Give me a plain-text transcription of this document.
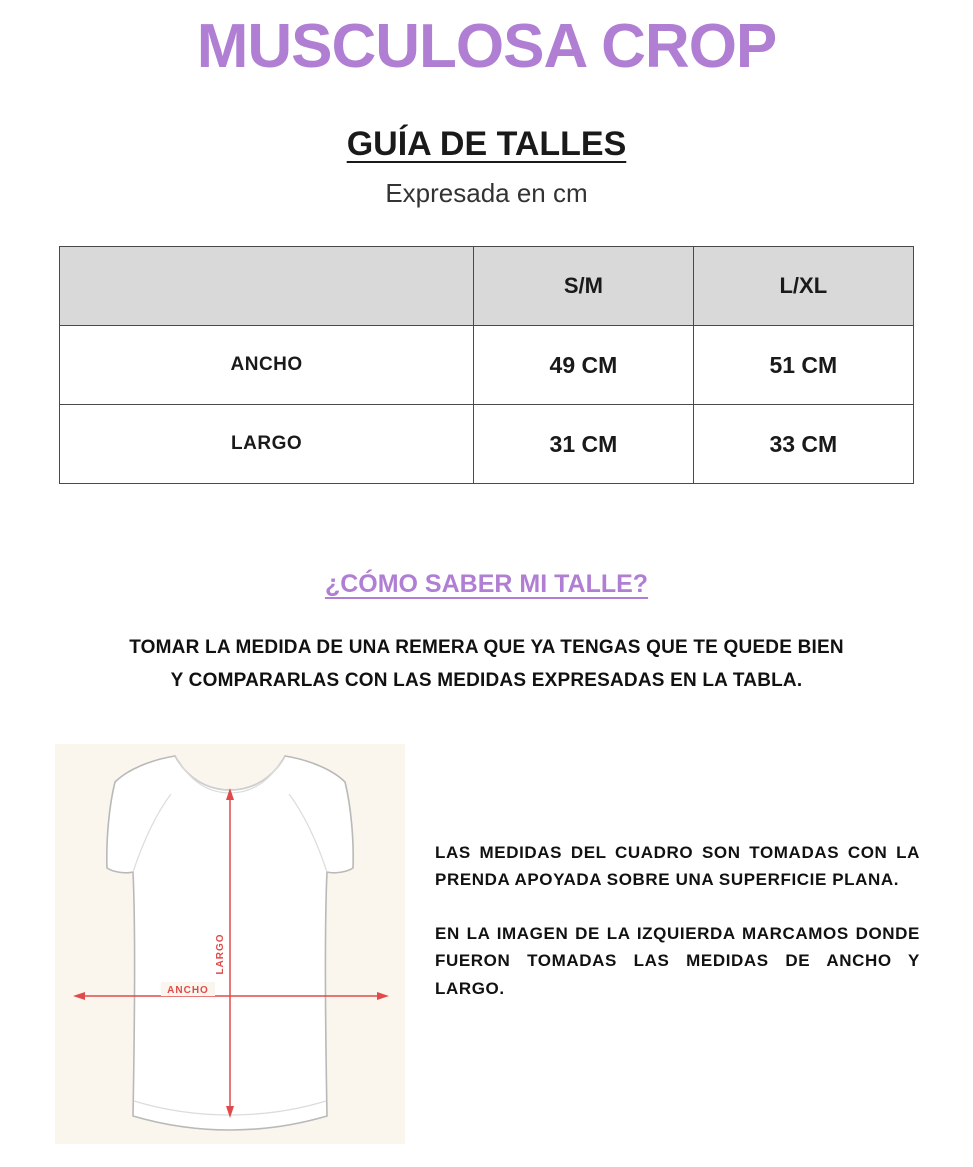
MUSCULOSA CROP
GUÍA DE TALLES
Expresada en cm
	S/M	L/XL
ANCHO	49 CM	51 CM
LARGO	31 CM	33 CM
¿CÓMO SABER MI TALLE?
TOMAR LA MEDIDA DE UNA REMERA QUE YA TENGAS QUE TE QUEDE BIEN
Y COMPARARLAS CON LAS MEDIDAS EXPRESADAS EN LA TABLA.
LARGO
ANCHO

LAS MEDIDAS DEL CUADRO SON TOMADAS CON LA PRENDA APOYADA SOBRE UNA SUPERFICIE PLANA.

EN LA IMAGEN DE LA IZQUIERDA MARCAMOS DONDE FUERON TOMADAS LAS MEDIDAS DE ANCHO Y LARGO.
